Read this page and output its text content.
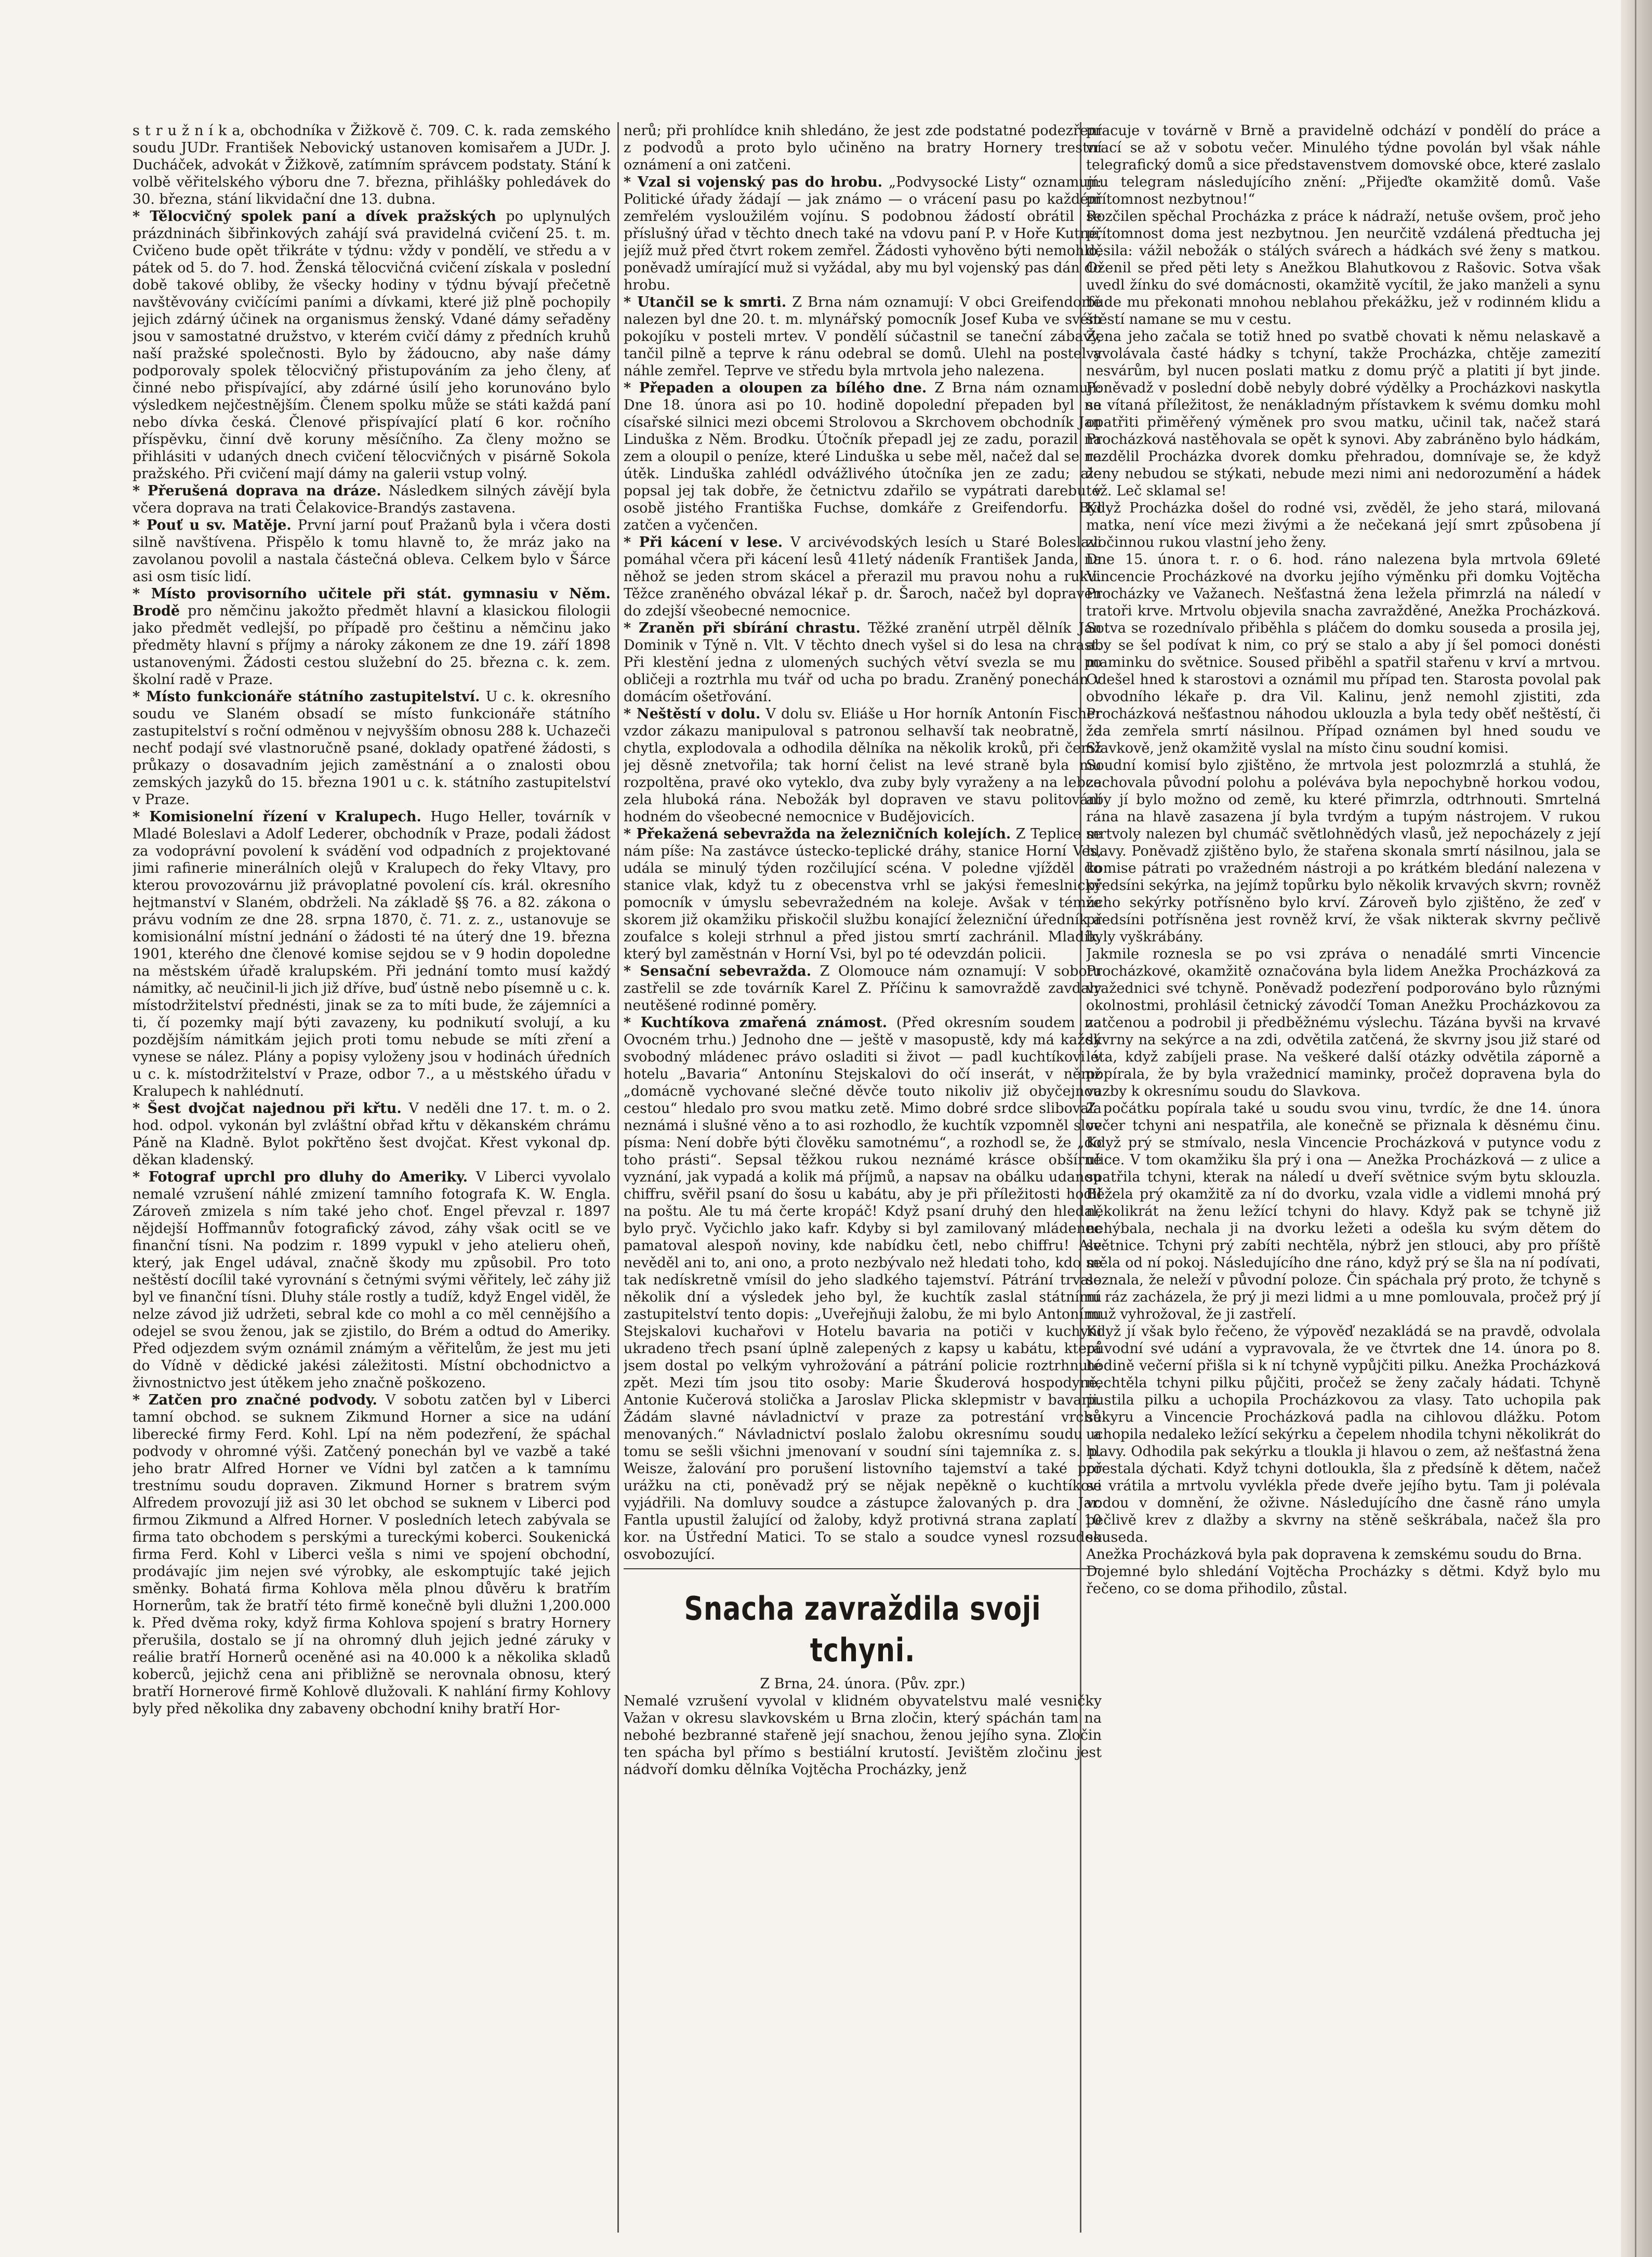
s t r u ž n í k a, obchodníka v Žižkově č. 709. C. k. rada zemského soudu JUDr. František Nebovický ustanoven komisařem a JUDr. J. Ducháček, advokát v Žižkově, zatímním správcem podstaty. Stání k volbě věřitelského výboru dne 7. března, přihlášky pohledávek do 30. března, stání likvidační dne 13. dubna.

* Tělocvičný spolek paní a dívek pražských po uplynulých prázdninách šibřinkových zahájí svá pravidelná cvičení 25. t. m. Cvičeno bude opět třikráte v týdnu: vždy v pondělí, ve středu a v pátek od 5. do 7. hod. Ženská tělocvičná cvičení získala v poslední době takové obliby, že všecky hodiny v týdnu bývají přečetně navštěvovány cvičícími paními a dívkami, které již plně pochopily jejich zdárný účinek na organismus ženský. Vdané dámy seřaděny jsou v samostatné družstvo, v kterém cvičí dámy z předních kruhů naší pražské společnosti. Bylo by žádoucno, aby naše dámy podporovaly spolek tělocvičný přistupováním za jeho členy, ať činné nebo přispívající, aby zdárné úsilí jeho korunováno bylo výsledkem nejčestnějším. Členem spolku může se státi každá paní nebo dívka česká. Členové přispívající platí 6 kor. ročního příspěvku, činní dvě koruny měsíčního. Za členy možno se přihlásiti v udaných dnech cvičení tělocvičných v pisárně Sokola pražského. Při cvičení mají dámy na galerii vstup volný.

* Přerušená doprava na dráze. Následkem silných závějí byla včera doprava na trati Čelakovice-Brandýs zastavena.

* Pouť u sv. Matěje. První jarní pouť Pražanů byla i včera dosti silně navštívena. Přispělo k tomu hlavně to, že mráz jako na zavolanou povolil a nastala částečná obleva. Celkem bylo v Šárce asi osm tisíc lidí.

* Místo provisorního učitele při stát. gymnasiu v Něm. Brodě pro němčinu jakožto předmět hlavní a klasickou filologii jako předmět vedlejší, po případě pro češtinu a němčinu jako předměty hlavní s příjmy a nároky zákonem ze dne 19. září 1898 ustanovenými. Žádosti cestou služební do 25. března c. k. zem. školní radě v Praze.

* Místo funkcionáře státního zastupitelství. U c. k. okresního soudu ve Slaném obsadí se místo funkcionáře státního zastupitelství s roční odměnou v nejvyšším obnosu 288 k. Uchazeči nechť podají své vlastnoručně psané, doklady opatřené žádosti, s průkazy o dosavadním jejich zaměstnání a o znalosti obou zemských jazyků do 15. března 1901 u c. k. státního zastupitelství v Praze.

* Komisionelní řízení v Kralupech. Hugo Heller, továrník v Mladé Boleslavi a Adolf Lederer, obchodník v Praze, podali žádost za vodoprávní povolení k svádění vod odpadních z projektované jimi rafinerie minerálních olejů v Kralupech do řeky Vltavy, pro kterou provozovárnu již právoplatné povolení cís. král. okresního hejtmanství v Slaném, obdrželi. Na základě §§ 76. a 82. zákona o právu vodním ze dne 28. srpna 1870, č. 71. z. z., ustanovuje se komisionální místní jednání o žádosti té na úterý dne 19. března 1901, kterého dne členové komise sejdou se v 9 hodin dopoledne na městském úřadě kralupském. Při jednání tomto musí každý námitky, ač neučinil-li jich již dříve, buď ústně nebo písemně u c. k. místodržitelství přednésti, jinak se za to míti bude, že zájemníci a ti, čí pozemky mají býti zavazeny, ku podnikutí svolují, a ku pozdějším námitkám jejich proti tomu nebude se míti zření a vynese se nález. Plány a popisy vyloženy jsou v hodinách úředních u c. k. místodržitelství v Praze, odbor 7., a u městského úřadu v Kralupech k nahlédnutí.

* Šest dvojčat najednou při křtu. V neděli dne 17. t. m. o 2. hod. odpol. vykonán byl zvláštní obřad křtu v děkanském chrámu Páně na Kladně. Bylot pokřtěno šest dvojčat. Křest vykonal dp. děkan kladenský.

* Fotograf uprchl pro dluhy do Ameriky. V Liberci vyvolalo nemalé vzrušení náhlé zmizení tamního fotografa K. W. Engla. Zároveň zmizela s ním také jeho choť. Engel převzal r. 1897 nějdejší Hoffmannův fotografický závod, záhy však ocitl se ve finanční tísni. Na podzim r. 1899 vypukl v jeho atelieru oheň, který, jak Engel udával, značně škody mu způsobil. Pro toto neštěstí docílil také vyrovnání s četnými svými věřitely, leč záhy již byl ve finanční tísni. Dluhy stále rostly a tudíž, když Engel viděl, že nelze závod již udržeti, sebral kde co mohl a co měl cennějšího a odejel se svou ženou, jak se zjistilo, do Brém a odtud do Ameriky. Před odjezdem svým oznámil známým a věřitelům, že jest mu jeti do Vídně v dědické jakési záležitosti. Místní obchodnictvo a živnostnictvo jest útěkem jeho značně poškozeno.

* Zatčen pro značné podvody. V sobotu zatčen byl v Liberci tamní obchod. se suknem Zikmund Horner a sice na udání liberecké firmy Ferd. Kohl. Lpí na něm podezření, že spáchal podvody v ohromné výši. Zatčený ponechán byl ve vazbě a také jeho bratr Alfred Horner ve Vídni byl zatčen a k tamnímu trestnímu soudu dopraven. Zikmund Horner s bratrem svým Alfredem provozují již asi 30 let obchod se suknem v Liberci pod firmou Zikmund a Alfred Horner. V posledních letech zabývala se firma tato obchodem s perskými a tureckými koberci. Soukenická firma Ferd. Kohl v Liberci vešla s nimi ve spojení obchodní, prodávajíc jim nejen své výrobky, ale eskomptujíc také jejich směnky. Bohatá firma Kohlova měla plnou důvěru k bratřím Hornerům, tak že bratří této firmě konečně byli dlužni 1,200.000 k. Před dvěma roky, když firma Kohlova spojení s bratry Hornery přerušila, dostalo se jí na ohromný dluh jejich jedné záruky v reálie bratří Hornerů oceněné asi na 40.000 k a několika skladů koberců, jejichž cena ani přibližně se nerovnala obnosu, který bratří Hornerové firmě Kohlově dlužovali. K nahlání firmy Kohlovy byly před několika dny zabaveny obchodní knihy bratří Hor-

nerů; při prohlídce knih shledáno, že jest zde podstatné podezření z podvodů a proto bylo učiněno na bratry Hornery trestní oznámení a oni zatčeni.

* Vzal si vojenský pas do hrobu. „Podvysocké Listy“ oznamují: Politické úřady žádají — jak známo — o vrácení pasu po každém zemřelém vysloužilém vojínu. S podobnou žádostí obrátil se příslušný úřad v těchto dnech také na vdovu paní P. v Hoře Kutné, jejíž muž před čtvrt rokem zemřel. Žádosti vyhověno býti nemohlo, poněvadž umírající muž si vyžádal, aby mu byl vojenský pas dán do hrobu.

* Utančil se k smrti. Z Brna nám oznamují: V obci Greifendorfě nalezen byl dne 20. t. m. mlynářský pomocník Josef Kuba ve svém pokojíku v posteli mrtev. V pondělí súčastnil se taneční zábavy, tančil pilně a teprve k ránu odebral se domů. Ulehl na postel a náhle zemřel. Teprve ve středu byla mrtvola jeho nalezena.

* Přepaden a oloupen za bílého dne. Z Brna nám oznamují: Dne 18. února asi po 10. hodině dopolední přepaden byl na císařské silnici mezi obcemi Strolovou a Skrchovem obchodník Jan Linduška z Něm. Brodku. Útočník přepadl jej ze zadu, porazil na zem a oloupil o peníze, které Linduška u sebe měl, načež dal se na útěk. Linduška zahlédl odvážlivého útočníka jen ze zadu; ale popsal jej tak dobře, že četnictvu zdařilo se vypátrati darebu v osobě jistého Františka Fuchse, domkáře z Greifendorfu. Byl zatčen a vyčenčen.

* Při kácení v lese. V arcivévodských lesích u Staré Boleslavi pomáhal včera při kácení lesů 41letý nádeník František Janda, na něhož se jeden strom skácel a přerazil mu pravou nohu a ruku. Těžce zraněného obvázal lékař p. dr. Šaroch, načež byl dopraven do zdejší všeobecné nemocnice.

* Zraněn při sbírání chrastu. Těžké zranění utrpěl dělník Jan Dominik v Týně n. Vlt. V těchto dnech vyšel si do lesa na chrast. Při klestění jedna z ulomených suchých větví svezla se mu po obličeji a roztrhla mu tvář od ucha po bradu. Zraněný ponechán v domácím ošetřování.

* Neštěstí v dolu. V dolu sv. Eliáše u Hor horník Antonín Fischer vzdor zákazu manipuloval s patronou selhavší tak neobratně, že chytla, explodovala a odhodila dělníka na několik kroků, při čemž jej děsně znetvořila; tak horní čelist na levé straně byla mu rozpoltěna, pravé oko vyteklo, dva zuby byly vyraženy a na lebce zela hluboká rána. Nebožák byl dopraven ve stavu politování hodném do všeobecné nemocnice v Budějovicích.

* Překažená sebevražda na železničních kolejích. Z Teplice se nám píše: Na zastávce ústecko-teplické dráhy, stanice Horní Ves, udála se minulý týden rozčilující scéna. V poledne vjížděl do stanice vlak, když tu z obecenstva vrhl se jakýsi řemeslnický pomocník v úmyslu sebevražedném na koleje. Avšak v témže skorem již okamžiku přiskočil službu konající železniční úředník a zoufalce s koleji strhnul a před jistou smrtí zachránil. Mladík, který byl zaměstnán v Horní Vsi, byl po té odevzdán policii.

* Sensační sebevražda. Z Olomouce nám oznamují: V sobotu zastřelil se zde továrník Karel Z. Příčinu k samovraždě zavdaly neutěšené rodinné poměry.

* Kuchtíkova zmařená známost. (Před okresním soudem na Ovocném trhu.) Jednoho dne — ještě v masopustě, kdy má každý svobodný mládenec právo osladiti si život — padl kuchtíkovi v hotelu „Bavaria“ Antonínu Stejskalovi do očí inserát, v němž „domácně vychované slečné děvče touto nikoliv již obyčejnou cestou“ hledalo pro svou matku zetě. Mimo dobré srdce slibovala neznámá i slušné věno a to asi rozhodlo, že kuchtík vzpomněl slov písma: Není dobře býti člověku samotnému“, a rozhodl se, že „do toho prásti“. Sepsal těžkou rukou neznámé krásce obšírné vyznání, jak vypadá a kolik má příjmů, a napsav na obálku udanou chiffru, svěřil psaní do šosu u kabátu, aby je při příležitosti hodil na poštu. Ale tu má čerte kropáč! Když psaní druhý den hledal, bylo pryč. Vyčichlo jako kafr. Kdyby si byl zamilovaný mládenec pamatoval alespoň noviny, kde nabídku četl, nebo chiffru! Ale nevěděl ani to, ani ono, a proto nezbývalo než hledati toho, kdo se tak nedískretně vmísil do jeho sladkého tajemství. Pátrání trvalo několik dní a výsledek jeho byl, že kuchtík zaslal státnímu zastupitelství tento dopis: „Uveřejňuji žalobu, že mi bylo Antonínu Stejskalovi kuchařovi v Hotelu bavaria na potiči v kuchyni ukradeno třech psaní úplně zalepených z kapsy u kabátu, která jsem dostal po velkým vyhrožování a pátrání policie roztrhnuté zpět. Mezi tím jsou tito osoby: Marie Škuderová hospodyně, Antonie Kučerová stolička a Jaroslav Plicka sklepmistr v bavarii. Žádám slavné návladnictví v praze za potrestání vrchů menovaných.“ Návladnictví poslalo žalobu okresnímu soudu a tomu se sešli všichni jmenovaní v soudní síni tajemníka z. s. p. Weisze, žalování pro porušení listovního tajemství a také pro urážku na cti, poněvadž prý se nějak nepěkně o kuchtíkovi vyjádřili. Na domluvy soudce a zástupce žalovaných p. dra Jar. Fantla upustil žalující od žaloby, když protivná strana zaplatí 10 kor. na Ústřední Matici. To se stalo a soudce vynesl rozsudek osvobozující.

Snacha zavraždila svoji tchyni.

Z Brna, 24. února. (Pův. zpr.)

Nemalé vzrušení vyvolal v klidném obyvatelstvu malé vesničky Važan v okresu slavkovském u Brna zločin, který spáchán tam na nebohé bezbranné stařeně její snachou, ženou jejího syna. Zločin ten spácha byl přímo s bestiální krutostí. Jevištěm zločinu jest nádvoří domku dělníka Vojtěcha Procházky, jenž

pracuje v továrně v Brně a pravidelně odchází v pondělí do práce a vrací se až v sobotu večer. Minulého týdne povolán byl však náhle telegrafický domů a sice představenstvem domovské obce, které zaslalo mu telegram následujícího znění: „Přijeďte okamžitě domů. Vaše přítomnost nezbytnou!“

Rozčilen spěchal Procházka z práce k nádraží, netuše ovšem, proč jeho přítomnost doma jest nezbytnou. Jen neurčitě vzdálená předtucha jej děsila: vážil nebožák o stálých svárech a hádkách své ženy s matkou. Oženil se před pěti lety s Anežkou Blahutkovou z Rašovic. Sotva však uvedl žínku do své domácnosti, okamžitě vycítil, že jako manželi a synu bude mu překonati mnohou neblahou překážku, jež v rodinném klidu a štěstí namane se mu v cestu.

Žena jeho začala se totiž hned po svatbě chovati k němu nelaskavě a vyvolávala časté hádky s tchyní, takže Procházka, chtěje zamezití nesvárům, byl nucen poslati matku z domu prýč a platiti jí byt jinde. Poněvadž v poslední době nebyly dobré výdělky a Procházkovi naskytla se vítaná příležitost, že nenákladným přístavkem k svému domku mohl opatřiti přiměřený výměnek pro svou matku, učinil tak, načež stará Procházková nastěhovala se opět k synovi. Aby zabráněno bylo hádkám, rozdělil Procházka dvorek domku přehradou, domnívaje se, že když ženy nebudou se stýkati, nebude mezi nimi ani nedorozumění a hádek též. Leč sklamal se!

Když Procházka došel do rodné vsi, zvěděl, že jeho stará, milovaná matka, není více mezi živými a že nečekaná její smrt způsobena jí zločinnou rukou vlastní jeho ženy.

Dne 15. února t. r. o 6. hod. ráno nalezena byla mrtvola 69leté Vincencie Procházkové na dvorku jejího výměnku při domku Vojtěcha Procházky ve Važanech. Nešťastná žena ležela přimrzlá na náledí v tratoři krve. Mrtvolu objevila snacha zavražděné, Anežka Procházková. Sotva se rozednívalo přiběhla s pláčem do domku souseda a prosila jej, aby se šel podívat k nim, co prý se stalo a aby jí šel pomoci donésti maminku do světnice. Soused přiběhl a spatřil stařenu v krví a mrtvou. Odešel hned k starostovi a oznámil mu případ ten. Starosta povolal pak obvodního lékaře p. dra Vil. Kalinu, jenž nemohl zjistiti, zda Procházková nešťastnou náhodou uklouzla a byla tedy oběť neštěstí, či zda zemřela smrtí násilnou. Případ oznámen byl hned soudu ve Slavkově, jenž okamžitě vyslal na místo činu soudní komisi.

Soudní komisí bylo zjištěno, že mrtvola jest polozmrzlá a stuhlá, že zachovala původní polohu a poléváva byla nepochybně horkou vodou, aby jí bylo možno od země, ku které přimrzla, odtrhnouti. Smrtelná rána na hlavě zasazena jí byla tvrdým a tupým nástrojem. V rukou mrtvoly nalezen byl chumáč světlohnědých vlasů, jež nepocházely z její hlavy. Poněvadž zjištěno bylo, že stařena skonala smrtí násilnou, jala se komise pátrati po vražedném nástroji a po krátkém bledání nalezena v předsíni sekýrka, na jejímž topůrku bylo několik krvavých skvrn; rovněž ucho sekýrky potřísněno bylo krví. Zároveň bylo zjištěno, že zeď v předsíni potřísněna jest rovněž krví, že však nikterak skvrny pečlivě byly vyškrábány.

Jakmile roznesla se po vsi zpráva o nenadálé smrti Vincencie Procházkové, okamžitě označována byla lidem Anežka Procházková za vražednici své tchyně. Poněvadž podezření podporováno bylo různými okolnostmi, prohlásil četnický závodčí Toman Anežku Procházkovou za zatčenou a podrobil ji předběžnému výslechu. Tázána byvši na krvavé skvrny na sekýrce a na zdi, odvětila zatčená, že skvrny jsou již staré od léta, když zabíjeli prase. Na veškeré další otázky odvětila záporně a popírala, že by byla vražednicí maminky, pročež dopravena byla do vazby k okresnímu soudu do Slavkova.

Z počátku popírala také u soudu svou vinu, tvrdíc, že dne 14. února večer tchyni ani nespatřila, ale konečně se přiznala k děsnému činu. Když prý se stmívalo, nesla Vincencie Procházková v putynce vodu z ulice. V tom okamžiku šla prý i ona — Anežka Procházková — z ulice a spatřila tchyni, kterak na náledí u dveří světnice svým bytu sklouzla. Běžela prý okamžitě za ní do dvorku, vzala vidle a vidlemi mnohá prý několikrát na ženu ležící tchyni do hlavy. Když pak se tchyně již nehýbala, nechala ji na dvorku ležeti a odešla ku svým dětem do světnice. Tchyni prý zabíti nechtěla, nýbrž jen stlouci, aby pro příště měla od ní pokoj. Následujícího dne ráno, když prý se šla na ní podívati, seznala, že neleží v původní poloze. Čin spáchala prý proto, že tchyně s ní ráz zacházela, že prý ji mezi lidmi a u mne pomlouvala, pročež prý jí muž vyhrožoval, že ji zastřelí.

Když jí však bylo řečeno, že výpověď nezakládá se na pravdě, odvolala původní své udání a vypravovala, že ve čtvrtek dne 14. února po 8. hodině večerní přišla si k ní tchyně vypůjčiti pilku. Anežka Procházková nechtěla tchyni pilku půjčiti, pročež se ženy začaly hádati. Tchyně pustila pilku a uchopila Procházkovou za vlasy. Tato uchopila pak sekyru a Vincencie Procházková padla na cihlovou dlážku. Potom uchopila nedaleko ležící sekýrku a čepelem nhodila tchyni několikrát do hlavy. Odhodila pak sekýrku a tloukla ji hlavou o zem, až nešťastná žena přestala dýchati. Když tchyni dotloukla, šla z předsíně k dětem, načež se vrátila a mrtvolu vyvlékla přede dveře jejího bytu. Tam ji polévala vodou v domnění, že oživne. Následujícího dne časně ráno umyla pečlivě krev z dlažby a skvrny na stěně seškrábala, načež šla pro souseda.

Anežka Procházková byla pak dopravena k zemskému soudu do Brna.

Dojemné bylo shledání Vojtěcha Procházky s dětmi. Když bylo mu řečeno, co se doma přihodilo, zůstal.
